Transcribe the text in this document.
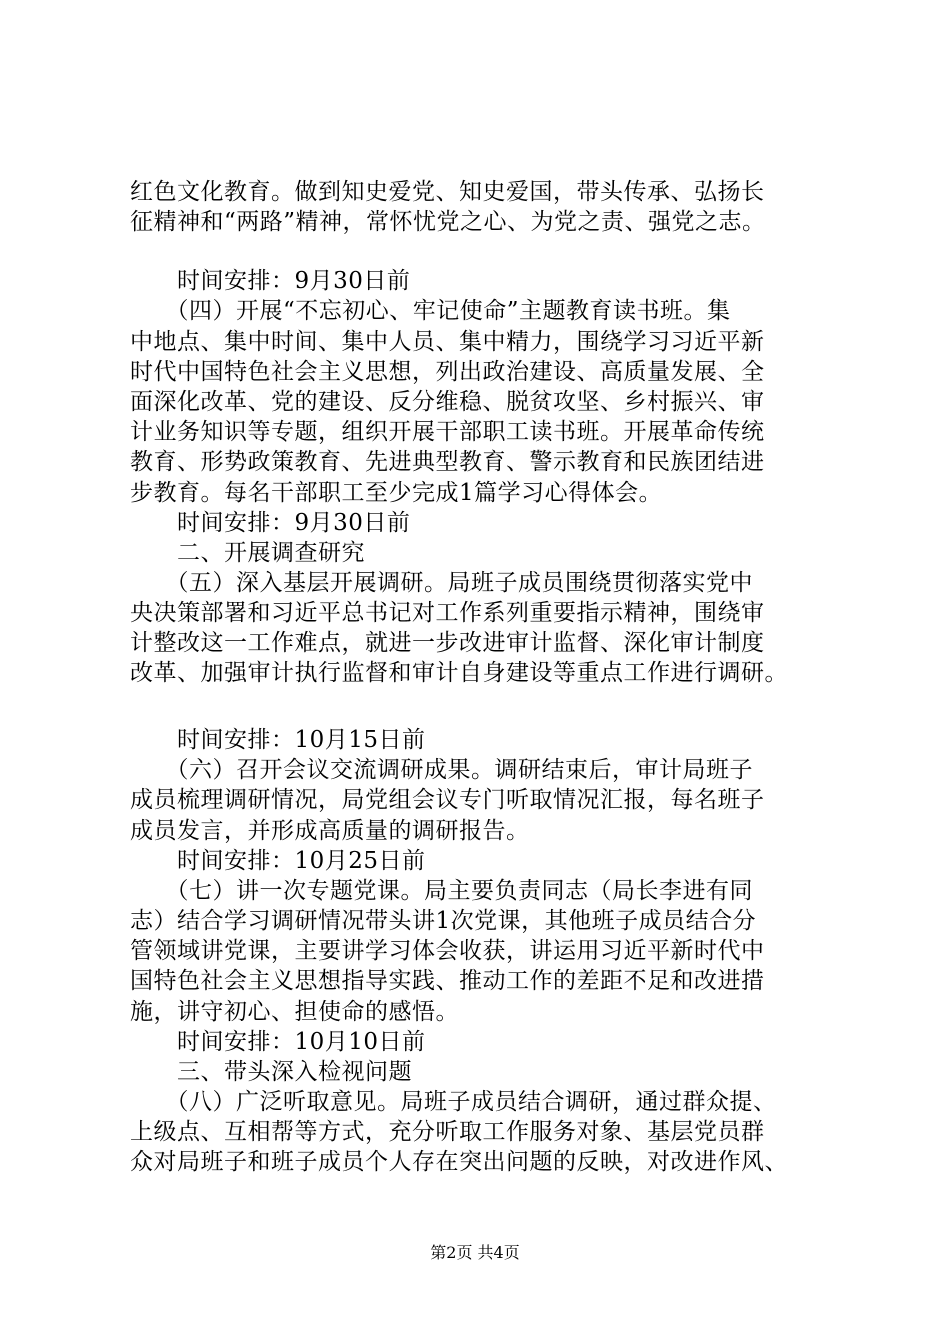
红色文化教育。做到知史爱党、知史爱国，带头传承、弘扬长
征精神和“两路”精神，常怀忧党之心、为党之责、强党之志。
　　时间安排：9月30日前
　　（四）开展“不忘初心、牢记使命”主题教育读书班。集
中地点、集中时间、集中人员、集中精力，围绕学习习近平新
时代中国特色社会主义思想，列出政治建设、高质量发展、全
面深化改革、党的建设、反分维稳、脱贫攻坚、乡村振兴、审
计业务知识等专题，组织开展干部职工读书班。开展革命传统
教育、形势政策教育、先进典型教育、警示教育和民族团结进
步教育。每名干部职工至少完成1篇学习心得体会。
　　时间安排：9月30日前
　　二、开展调查研究
　　（五）深入基层开展调研。局班子成员围绕贯彻落实党中
央决策部署和习近平总书记对工作系列重要指示精神，围绕审
计整改这一工作难点，就进一步改进审计监督、深化审计制度
改革、加强审计执行监督和审计自身建设等重点工作进行调研。
　　时间安排：10月15日前
　　（六）召开会议交流调研成果。调研结束后，审计局班子
成员梳理调研情况，局党组会议专门听取情况汇报，每名班子
成员发言，并形成高质量的调研报告。
　　时间安排：10月25日前
　　（七）讲一次专题党课。局主要负责同志（局长李进有同
志）结合学习调研情况带头讲1次党课，其他班子成员结合分
管领域讲党课，主要讲学习体会收获，讲运用习近平新时代中
国特色社会主义思想指导实践、推动工作的差距不足和改进措
施，讲守初心、担使命的感悟。
　　时间安排：10月10日前
　　三、带头深入检视问题
　　（八）广泛听取意见。局班子成员结合调研，通过群众提、
上级点、互相帮等方式，充分听取工作服务对象、基层党员群
众对局班子和班子成员个人存在突出问题的反映，对改进作风、
第2页 共4页
